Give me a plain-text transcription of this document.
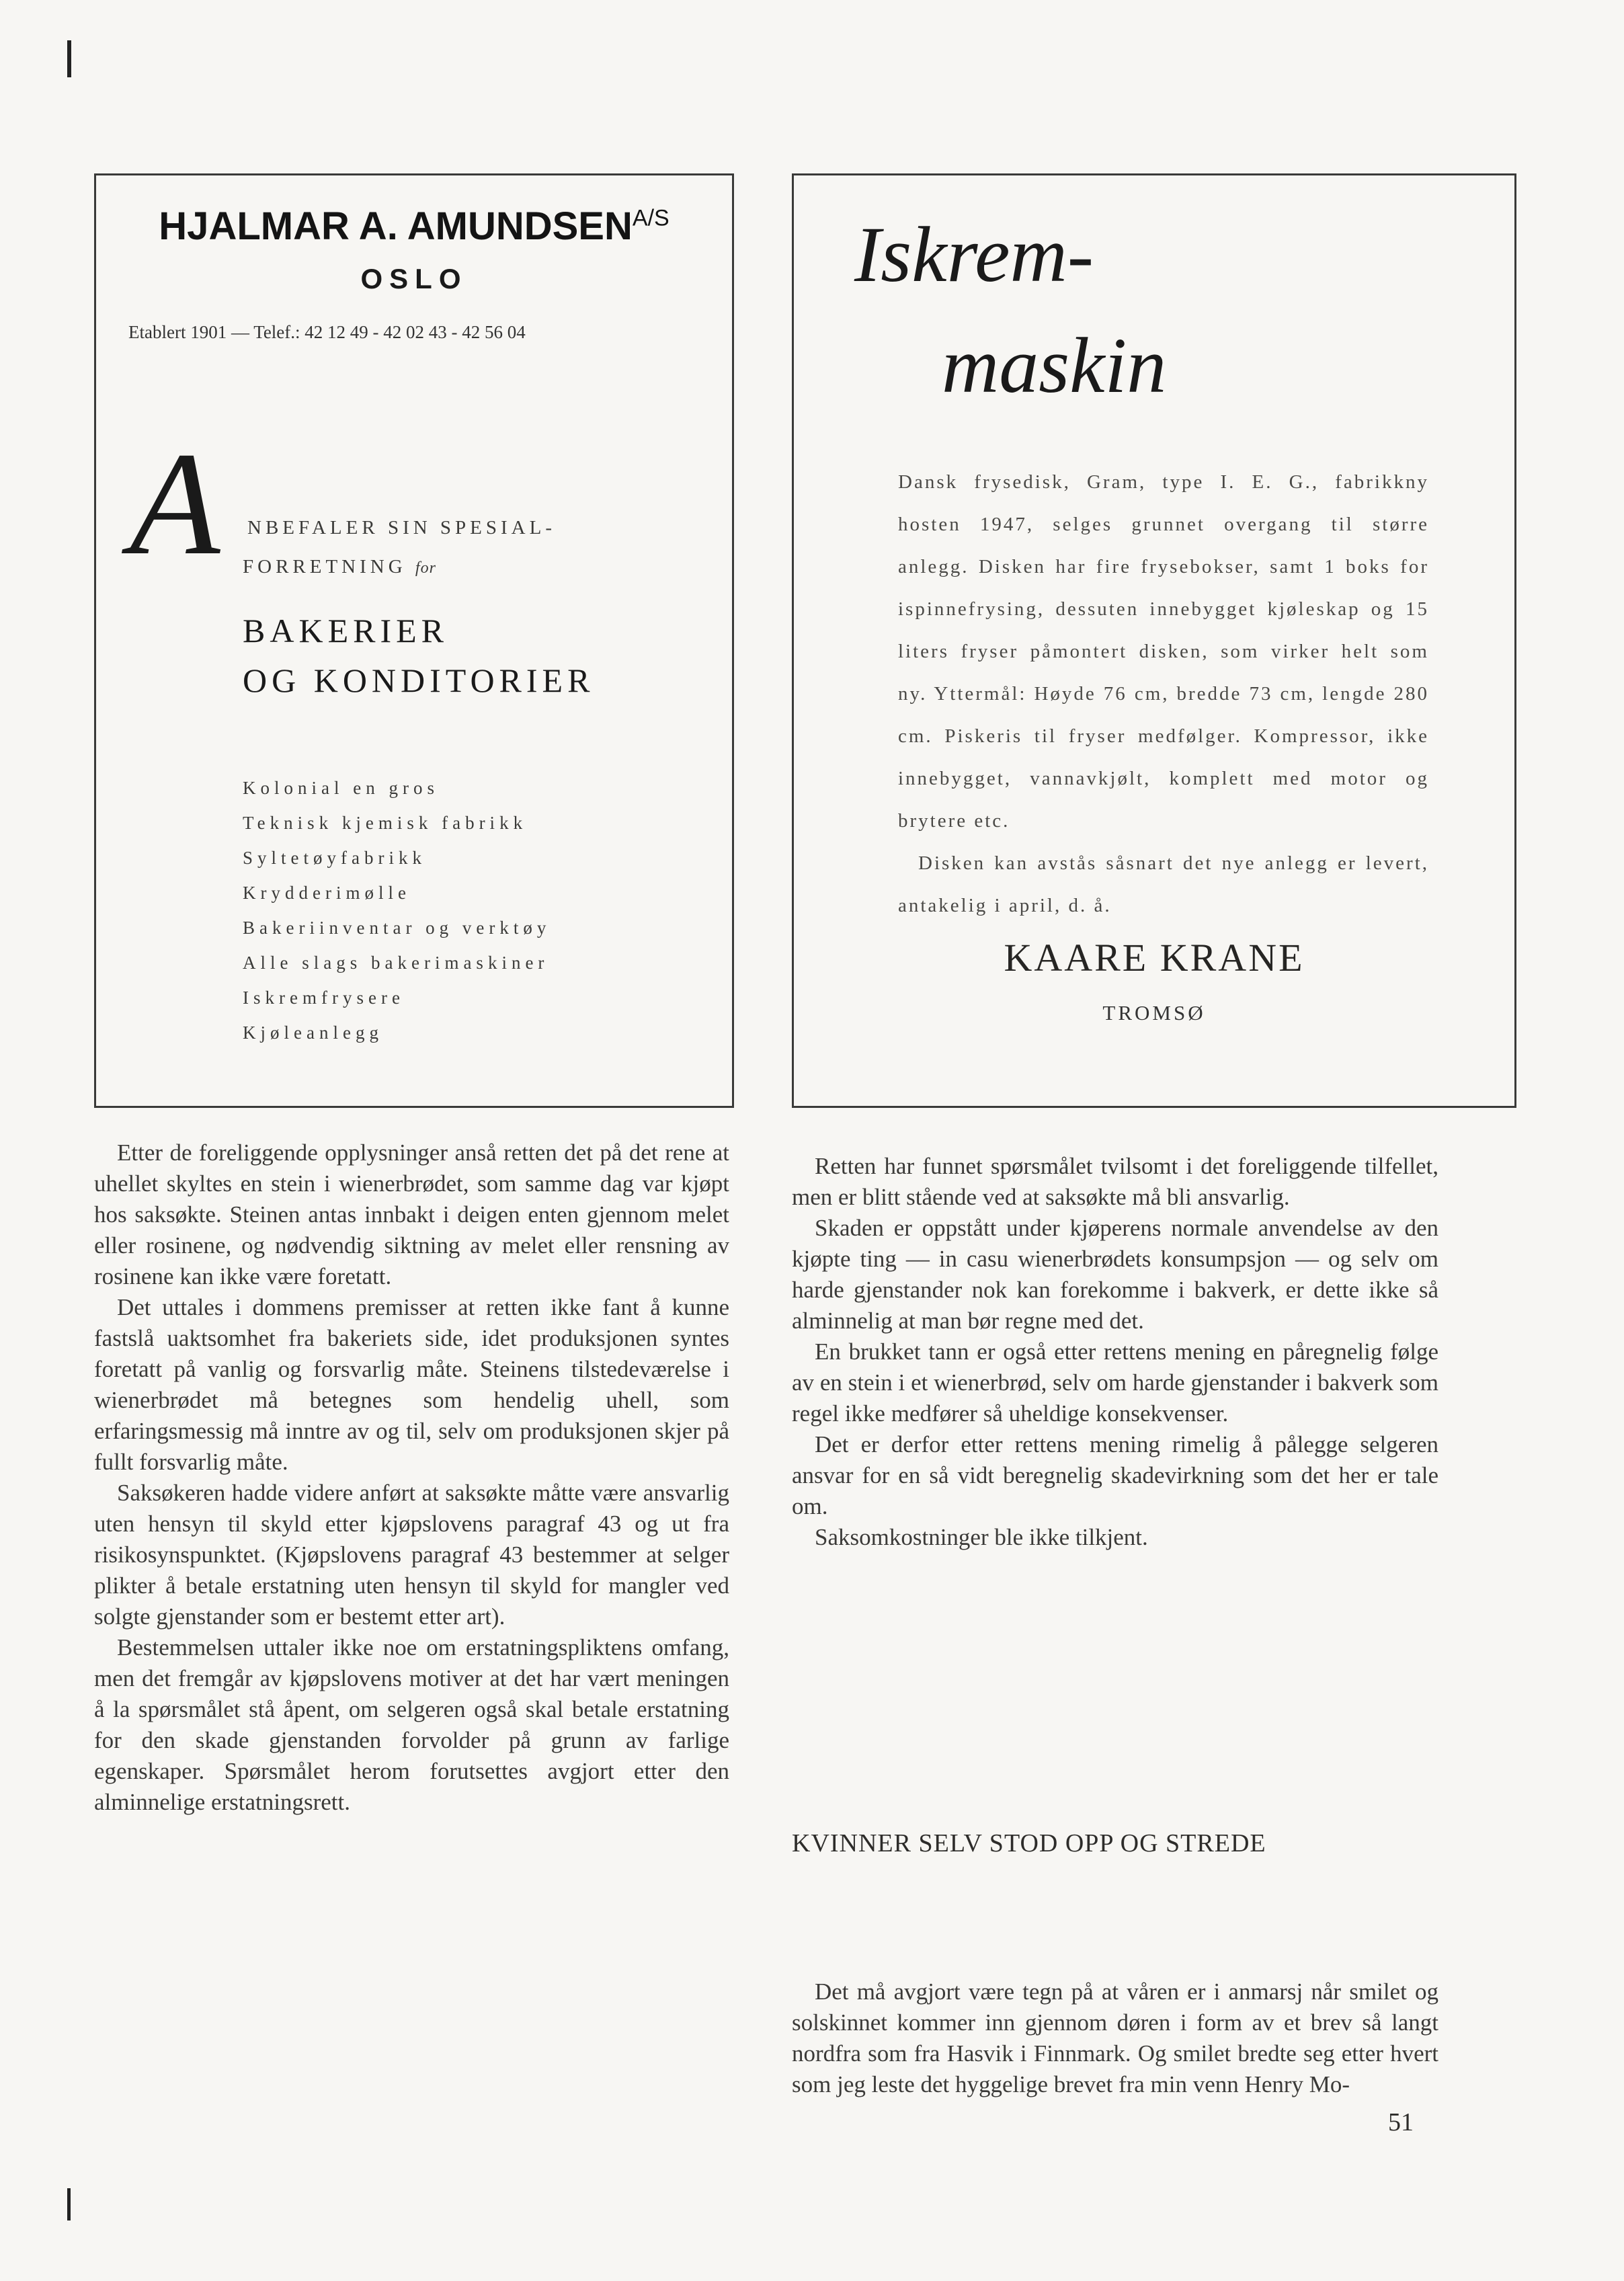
HJALMAR A. $AMUNDSEN^{A/S}$
OSLO
Etablert 1901 — Telef.: 42 12 49 - 42 02 43 - 42 56 04
A NBEFALER SIN SPESIAL-
FORRETNING for
BAKERIER
OG KONDITORIER
Kolonial en gros
Teknisk kjemisk fabrikk
Syltetøyfabrikk
Krydderimølle
Bakeriinventar og verktøy
Alle slags bakerimaskiner
Iskremfrysere
Kjøleanlegg
Iskrem-
maskin

Dansk frysedisk, Gram, type I. E. G., fabrikkny hosten 1947, selges grunnet overgang til større anlegg. Disken har fire frysebokser, samt 1 boks for ispinnefrysing, dessuten innebygget kjøleskap og 15 liters fryser påmontert disken, som virker helt som ny. Yttermål: Høyde 76 cm, bredde 73 cm, lengde 280 cm. Piskeris til fryser medfølger. Kompressor, ikke innebygget, vannavkjølt, komplett med motor og brytere etc.

Disken kan avstås såsnart det nye anlegg er levert, antakelig i april, d. å.

KAARE KRANE
TROMSØ

Etter de foreliggende opplysninger anså retten det på det rene at uhellet skyltes en stein i wienerbrødet, som samme dag var kjøpt hos saksøkte. Steinen antas innbakt i deigen enten gjennom melet eller rosinene, og nødvendig siktning av melet eller rensning av rosinene kan ikke være foretatt.

Det uttales i dommens premisser at retten ikke fant å kunne fastslå uaktsomhet fra bakeriets side, idet produksjonen syntes foretatt på vanlig og forsvarlig måte. Steinens tilstedeværelse i wienerbrødet må betegnes som hendelig uhell, som erfaringsmessig må inntre av og til, selv om produksjonen skjer på fullt forsvarlig måte.

Saksøkeren hadde videre anført at saksøkte måtte være ansvarlig uten hensyn til skyld etter kjøpslovens paragraf 43 og ut fra risikosynspunktet. (Kjøpslovens paragraf 43 bestemmer at selger plikter å betale erstatning uten hensyn til skyld for mangler ved solgte gjenstander som er bestemt etter art).

Bestemmelsen uttaler ikke noe om erstatningspliktens omfang, men det fremgår av kjøpslovens motiver at det har vært meningen å la spørsmålet stå åpent, om selgeren også skal betale erstatning for den skade gjenstanden forvolder på grunn av farlige egenskaper. Spørsmålet herom forutsettes avgjort etter den alminnelige erstatningsrett.

Retten har funnet spørsmålet tvilsomt i det foreliggende tilfellet, men er blitt stående ved at saksøkte må bli ansvarlig.

Skaden er oppstått under kjøperens normale anvendelse av den kjøpte ting — in casu wienerbrødets konsumpsjon — og selv om harde gjenstander nok kan forekomme i bakverk, er dette ikke så alminnelig at man bør regne med det.

En brukket tann er også etter rettens mening en påregnelig følge av en stein i et wienerbrød, selv om harde gjenstander i bakverk som regel ikke medfører så uheldige konsekvenser.

Det er derfor etter rettens mening rimelig å pålegge selgeren ansvar for en så vidt beregnelig skadevirkning som det her er tale om.

Saksomkostninger ble ikke tilkjent.

KVINNER SELV STOD OPP OG STREDE

Det må avgjort være tegn på at våren er i anmarsj når smilet og solskinnet kommer inn gjennom døren i form av et brev så langt nordfra som fra Hasvik i Finnmark. Og smilet bredte seg etter hvert som jeg leste det hyggelige brevet fra min venn Henry Mo-

51
